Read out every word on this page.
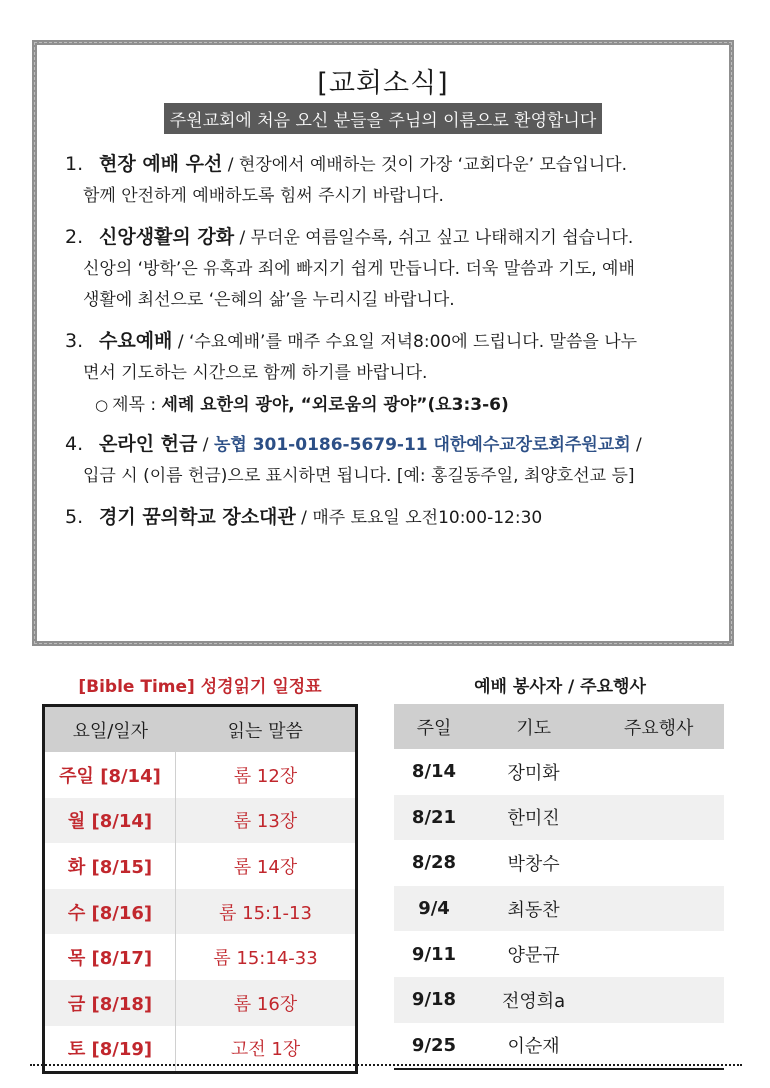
[교회소식]
주원교회에 처음 오신 분들을 주님의 이름으로 환영합니다
1. 현장 예배 우선 / 현장에서 예배하는 것이 가장 ‘교회다운’ 모습입니다.
함께 안전하게 예배하도록 힘써 주시기 바랍니다.
2. 신앙생활의 강화 / 무더운 여름일수록, 쉬고 싶고 나태해지기 쉽습니다.
신앙의 ‘방학’은 유혹과 죄에 빠지기 쉽게 만듭니다. 더욱 말씀과 기도, 예배
생활에 최선으로 ‘은혜의 삶’을 누리시길 바랍니다.
3. 수요예배 / ‘수요예배’를 매주 수요일 저녁8:00에 드립니다. 말씀을 나누
면서 기도하는 시간으로 함께 하기를 바랍니다.
○ 제목 : 세례 요한의 광야, “외로움의 광야”(요3:3-6)
4. 온라인 헌금 / 농협 301-0186-5679-11 대한예수교장로회주원교회 /
입금 시 (이름 헌금)으로 표시하면 됩니다. [예: 홍길동주일, 최양호선교 등]
5. 경기 꿈의학교 장소대관 / 매주 토요일 오전10:00-12:30
[Bible Time] 성경읽기 일정표
요일/일자	읽는 말씀
주일 [8/14]	롬 12장
월 [8/14]	롬 13장
화 [8/15]	롬 14장
수 [8/16]	롬 15:1-13
목 [8/17]	롬 15:14-33
금 [8/18]	롬 16장
토 [8/19]	고전 1장
예배 봉사자 / 주요행사
주일	기도	주요행사
8/14	장미화	
8/21	한미진	
8/28	박창수	
9/4	최동찬	
9/11	양문규	
9/18	전영희a	
9/25	이순재	
